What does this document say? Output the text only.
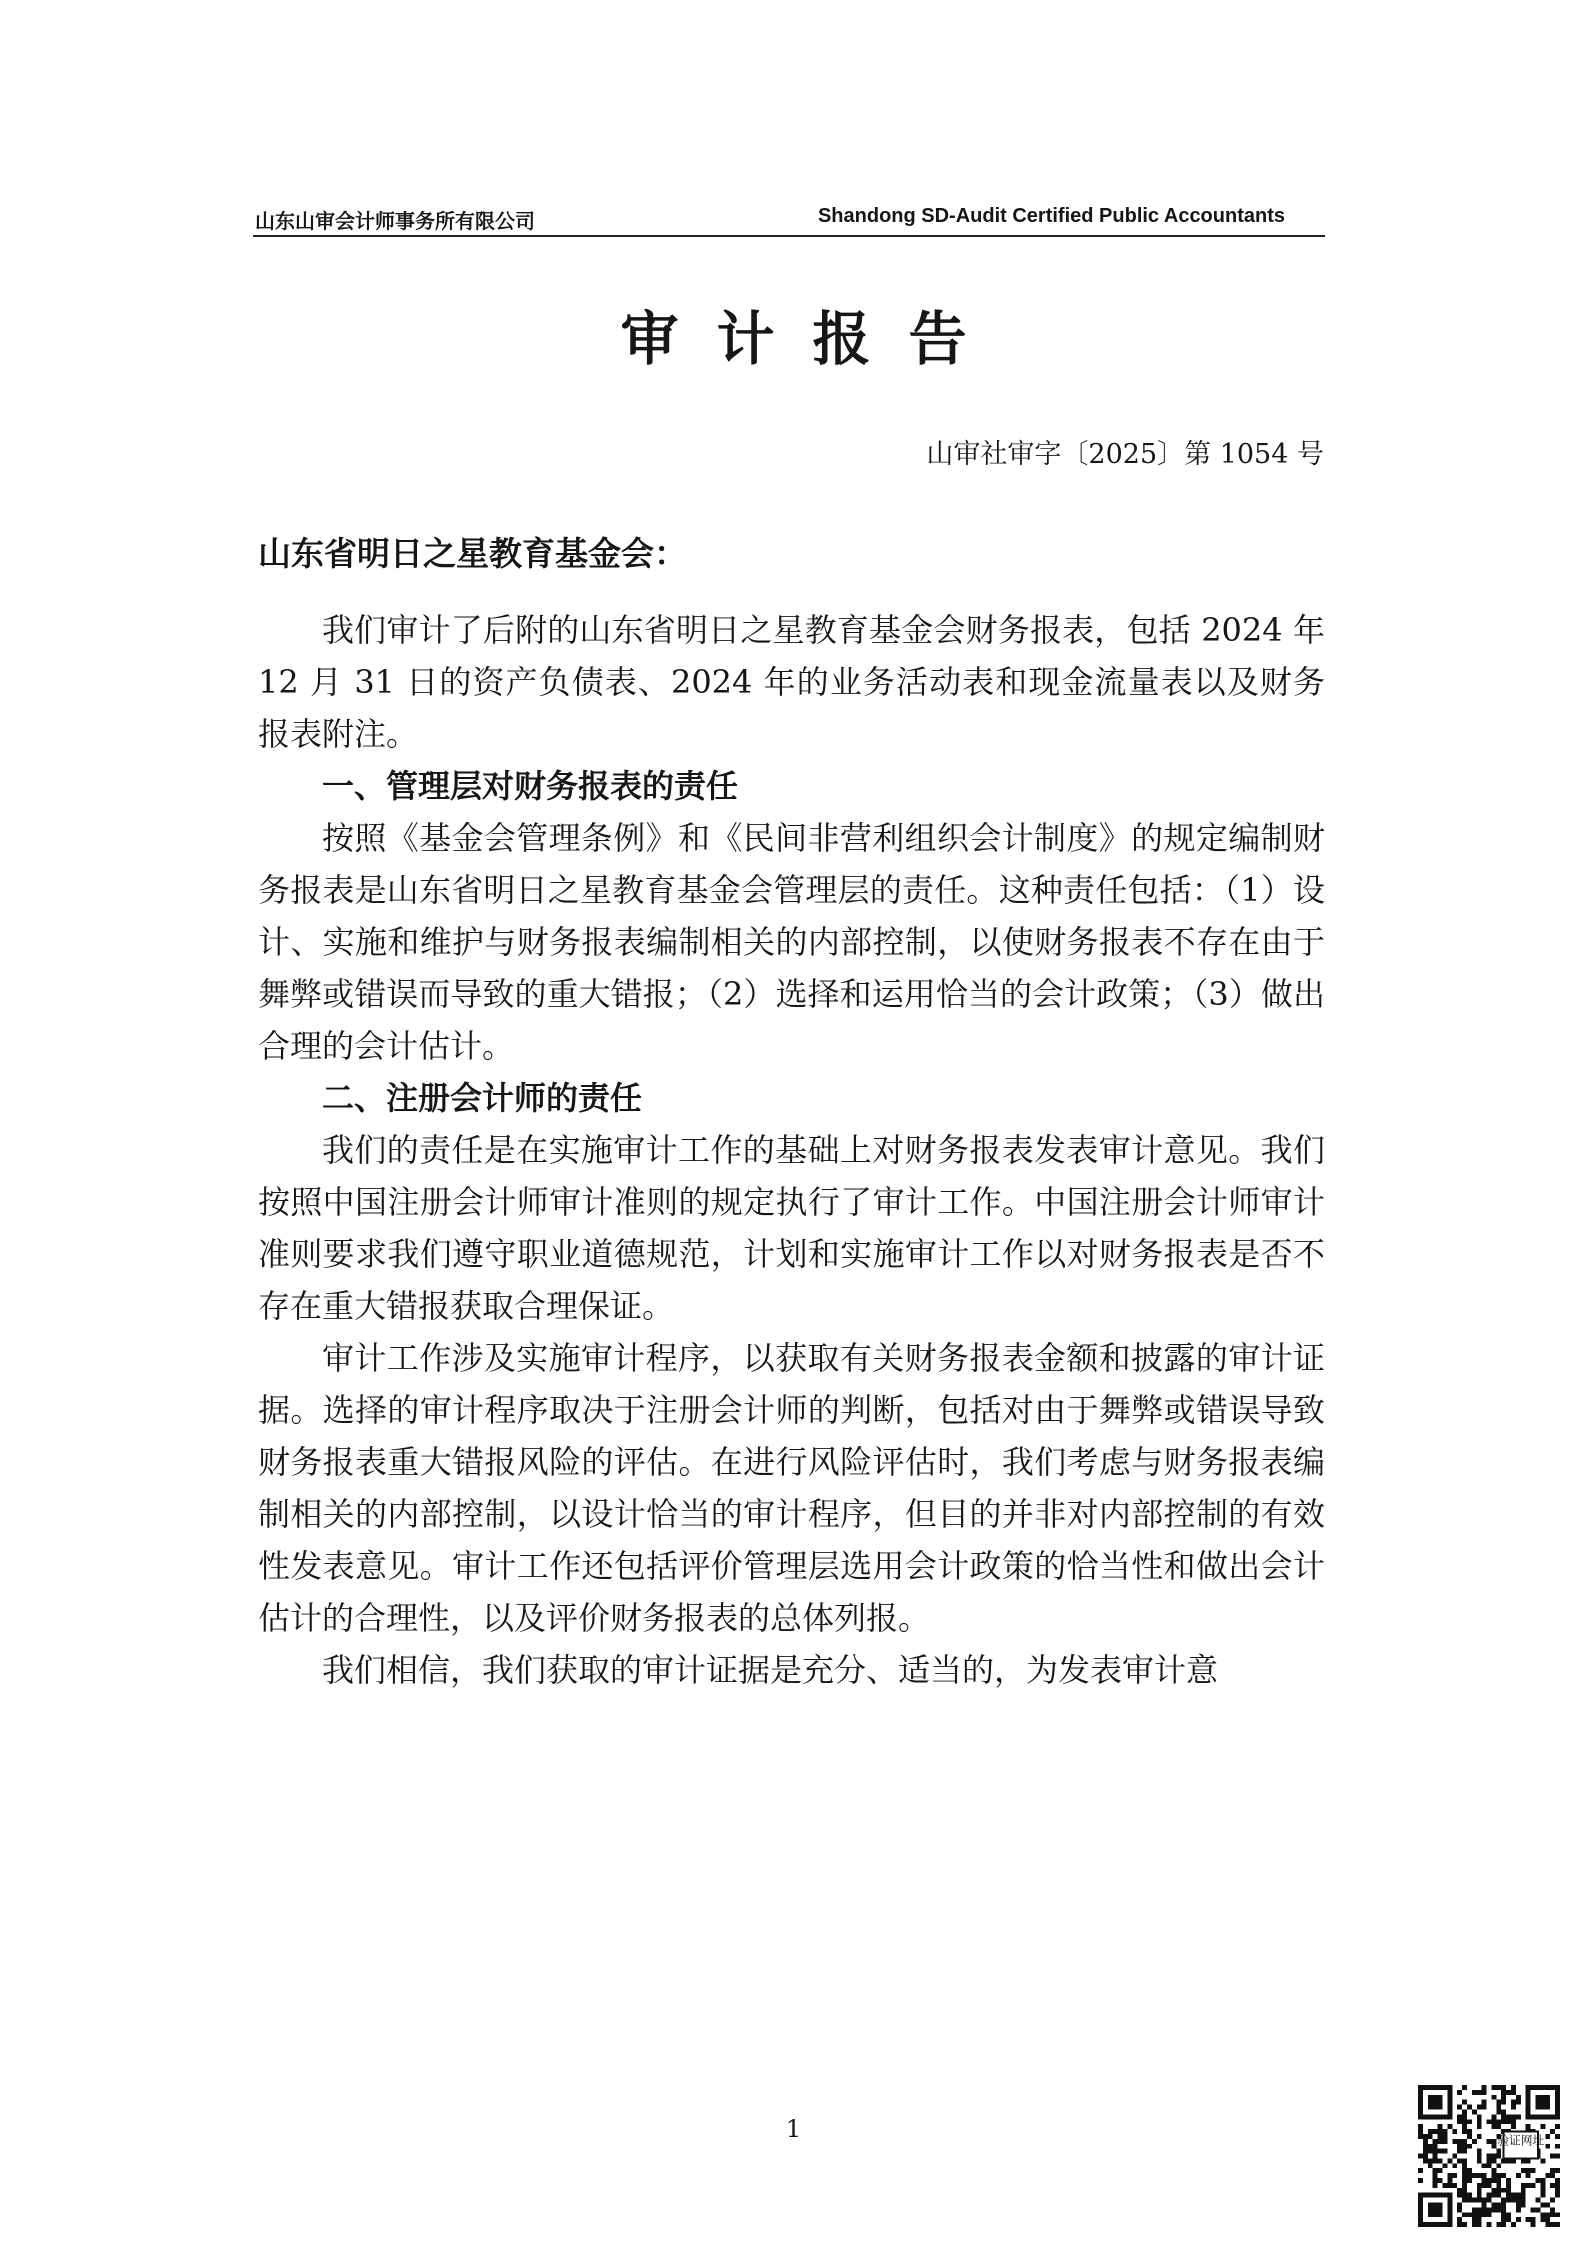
山东山审会计师事务所有限公司	Shandong SD-Audit Certified Public Accountants
审计报告
山审社审字〔2025〕第 1054 号
山东省明日之星教育基金会：

我们审计了后附的山东省明日之星教育基金会财务报表，包括 2024 年 12 月 31 日的资产负债表、2024 年的业务活动表和现金流量表以及财务报表附注。

一、管理层对财务报表的责任

按照《基金会管理条例》和《民间非营利组织会计制度》的规定编制财务报表是山东省明日之星教育基金会管理层的责任。这种责任包括：（1）设计、实施和维护与财务报表编制相关的内部控制，以使财务报表不存在由于舞弊或错误而导致的重大错报；（2）选择和运用恰当的会计政策；（3）做出合理的会计估计。

二、注册会计师的责任

我们的责任是在实施审计工作的基础上对财务报表发表审计意见。我们按照中国注册会计师审计准则的规定执行了审计工作。中国注册会计师审计准则要求我们遵守职业道德规范，计划和实施审计工作以对财务报表是否不存在重大错报获取合理保证。

审计工作涉及实施审计程序，以获取有关财务报表金额和披露的审计证据。选择的审计程序取决于注册会计师的判断，包括对由于舞弊或错误导致财务报表重大错报风险的评估。在进行风险评估时，我们考虑与财务报表编制相关的内部控制，以设计恰当的审计程序，但目的并非对内部控制的有效性发表意见。审计工作还包括评价管理层选用会计政策的恰当性和做出会计估计的合理性，以及评价财务报表的总体列报。

我们相信，我们获取的审计证据是充分、适当的，为发表审计意

1	验证网址
